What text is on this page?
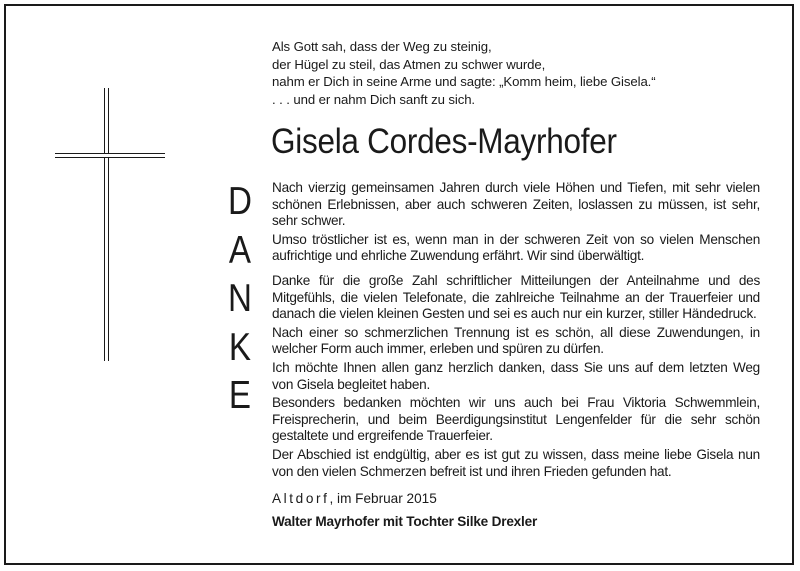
Als Gott sah, dass der Weg zu steinig,
der Hügel zu steil, das Atmen zu schwer wurde,
nahm er Dich in seine Arme und sagte: „Komm heim, liebe Gisela.“
. . . und er nahm Dich sanft zu sich.
Gisela Cordes-Mayrhofer
D
A
N
K
E

Nach vierzig gemeinsamen Jahren durch viele Höhen und Tiefen, mit sehr vielen schönen Erlebnissen, aber auch schweren Zeiten, loslassen zu müssen, ist sehr, sehr schwer.

Umso tröstlicher ist es, wenn man in der schweren Zeit von so vielen Menschen aufrichtige und ehrliche Zuwendung erfährt. Wir sind überwältigt.

Danke für die große Zahl schriftlicher Mitteilungen der Anteilnahme und des Mitgefühls, die vielen Telefonate, die zahlreiche Teilnahme an der Trauerfeier und danach die vielen kleinen Gesten und sei es auch nur ein kurzer, stiller Händedruck.

Nach einer so schmerzlichen Trennung ist es schön, all diese Zuwendungen, in welcher Form auch immer, erleben und spüren zu dürfen.

Ich möchte Ihnen allen ganz herzlich danken, dass Sie uns auf dem letzten Weg von Gisela begleitet haben.

Besonders bedanken möchten wir uns auch bei Frau Viktoria Schwemmlein, Freisprecherin, und beim Beerdigungsinstitut Lengenfelder für die sehr schön gestaltete und ergreifende Trauerfeier.

Der Abschied ist endgültig, aber es ist gut zu wissen, dass meine liebe Gisela nun von den vielen Schmerzen befreit ist und ihren Frieden gefunden hat.

Altdorf, im Februar 2015
Walter Mayrhofer mit Tochter Silke Drexler
